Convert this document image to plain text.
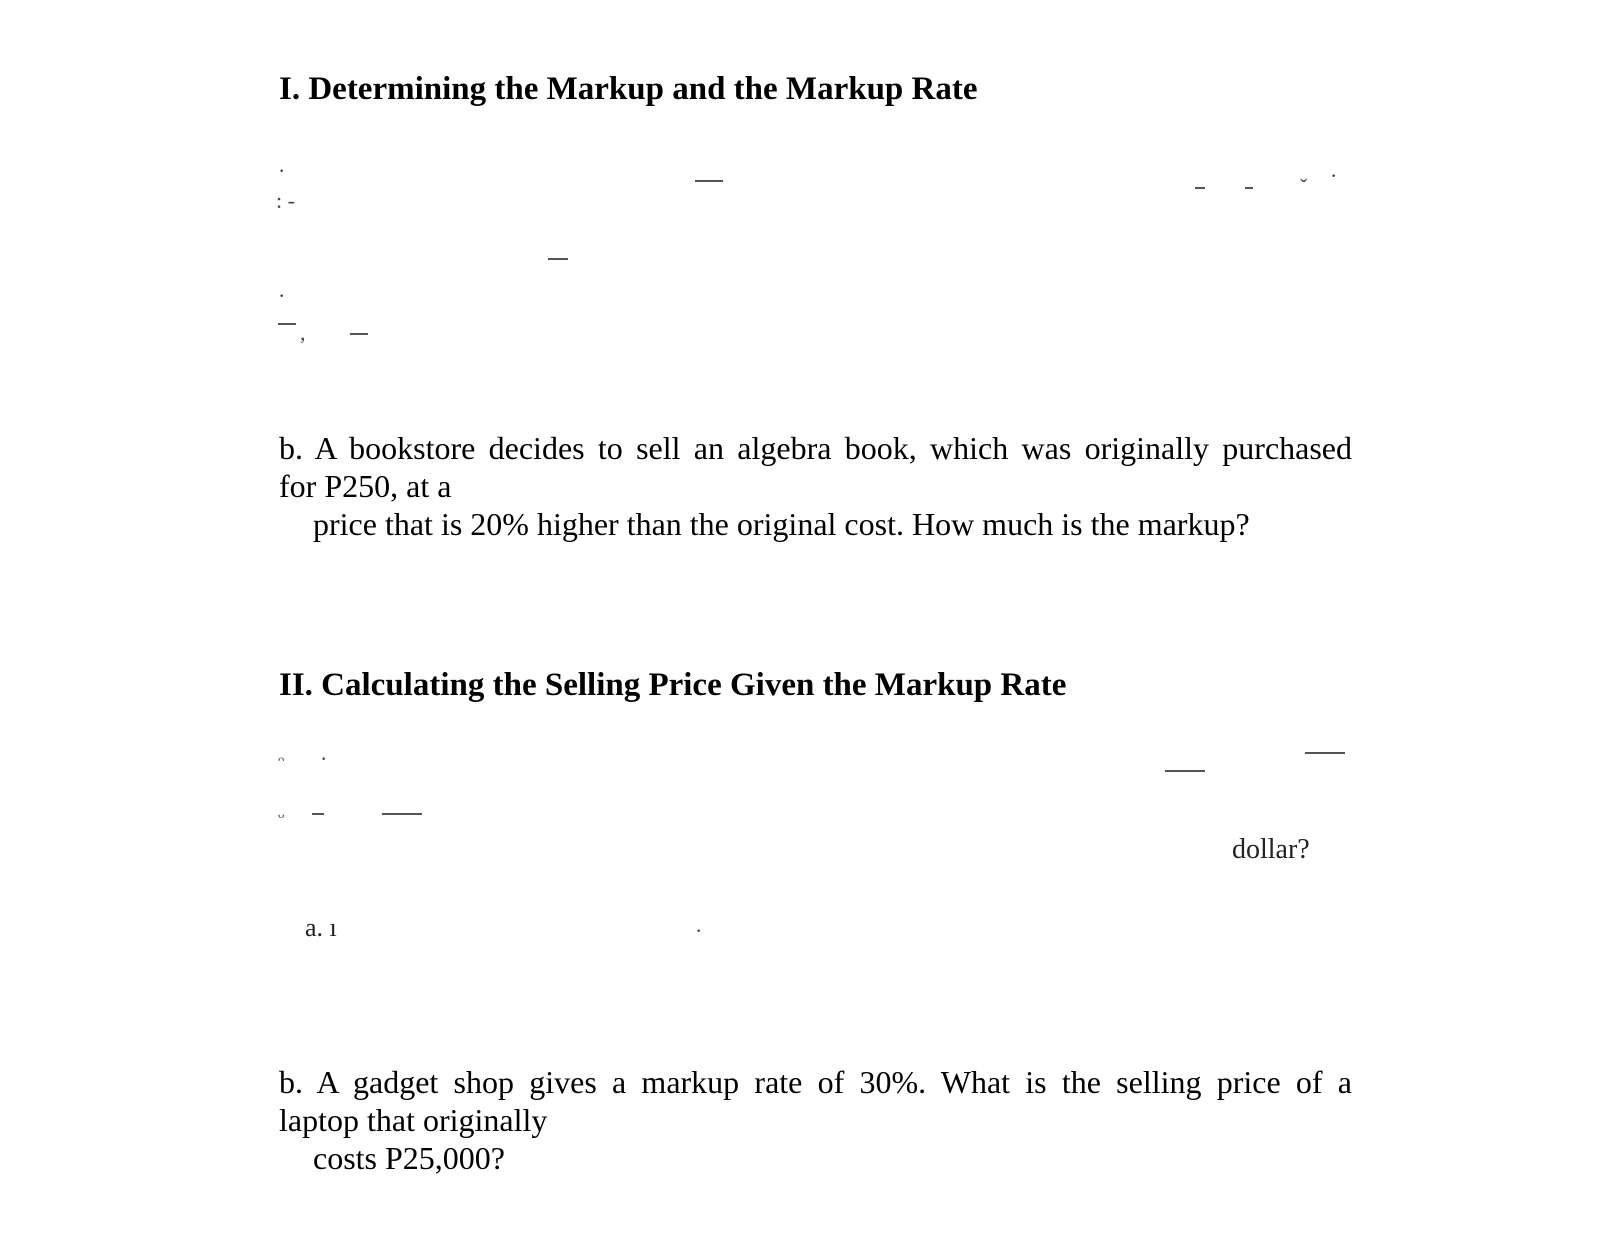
I. Determining the Markup and the Markup Rate
·
: ‐
ˇ ·
·
,

b. A bookstore decides to sell an algebra book, which was originally purchased
for P250, at a
price that is 20% higher than the original cost. How much is the markup?

II. Calculating the Selling Price Given the Markup Rate
ᵔ ·
ᵕ
dollar?
a. ı	·

b. A gadget shop gives a markup rate of 30%. What is the selling price of a
laptop that originally
costs P25,000?
